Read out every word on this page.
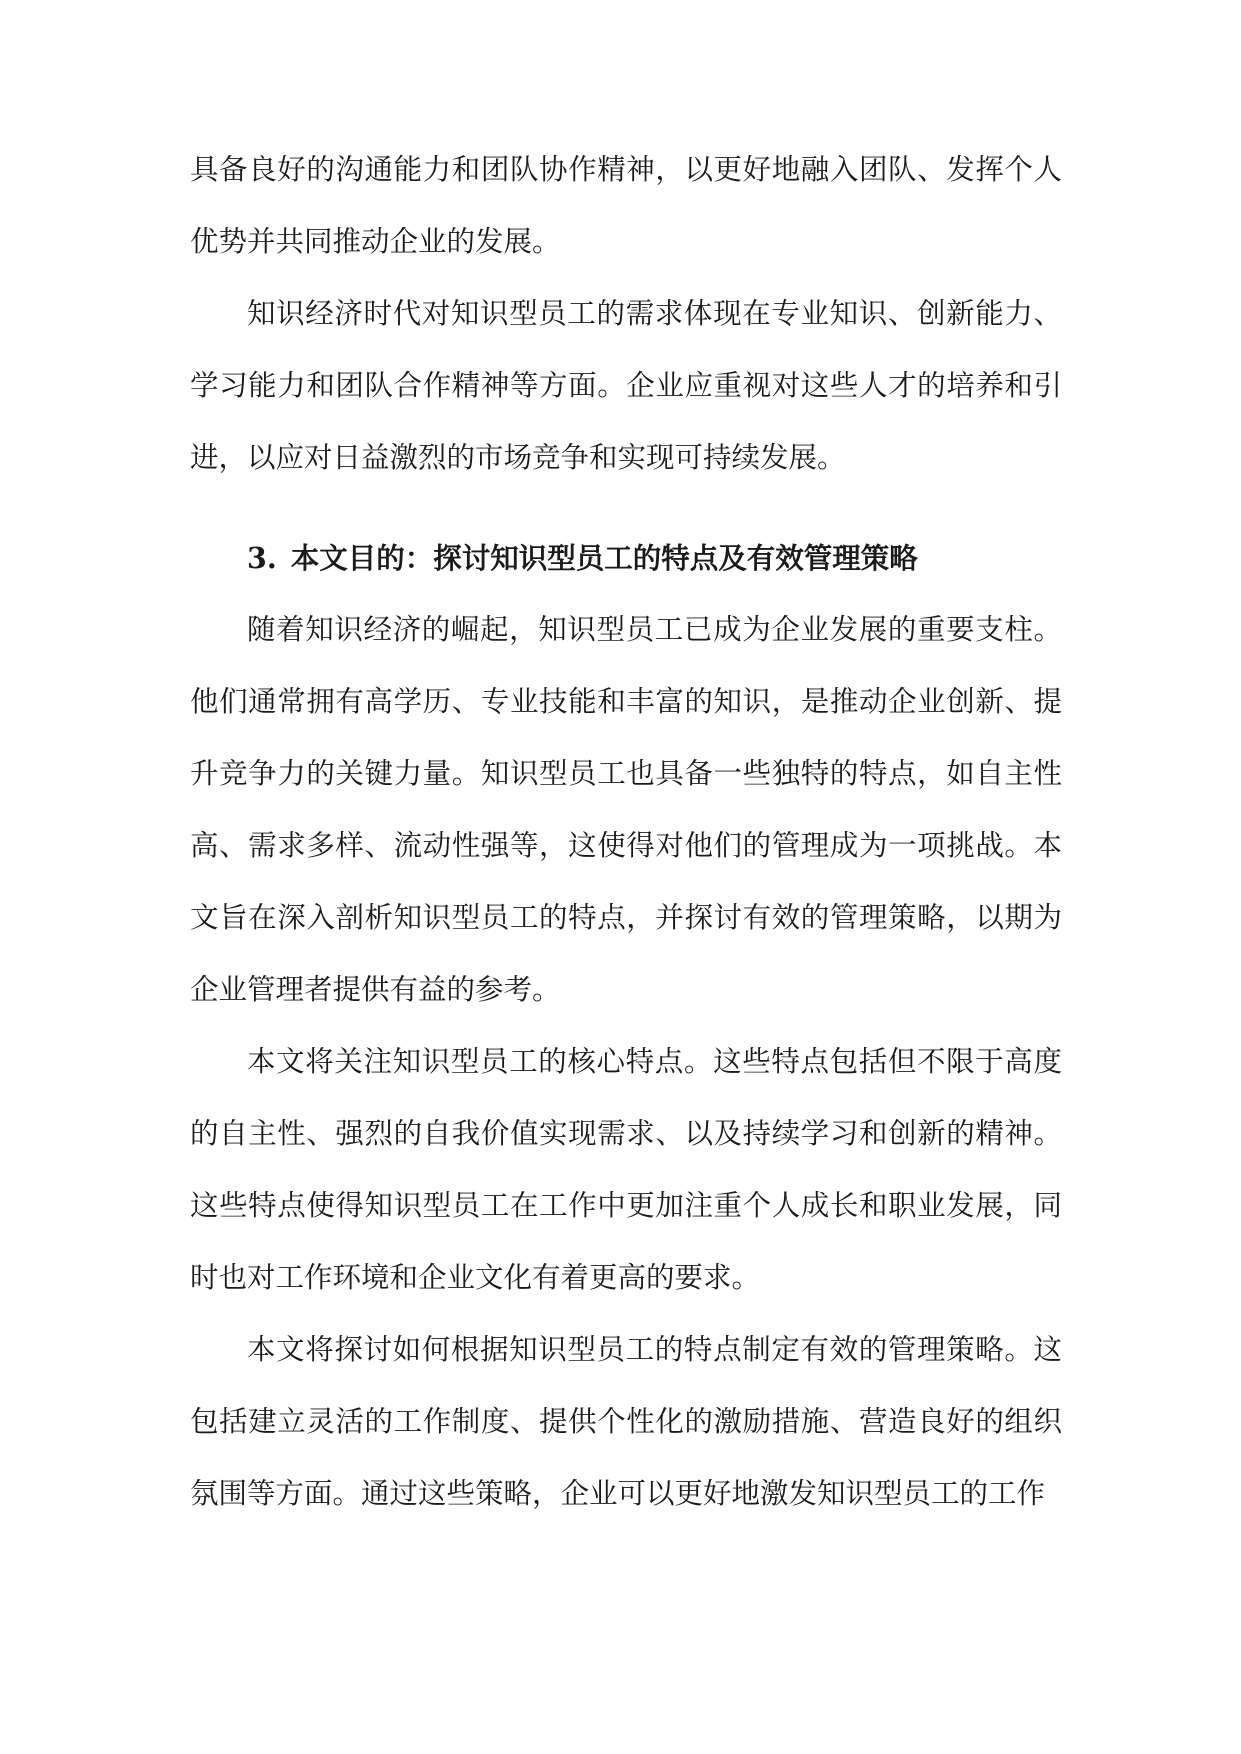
具备良好的沟通能力和团队协作精神，以更好地融入团队、发挥个人优势并共同推动企业的发展。

知识经济时代对知识型员工的需求体现在专业知识、创新能力、学习能力和团队合作精神等方面。企业应重视对这些人才的培养和引进，以应对日益激烈的市场竞争和实现可持续发展。

3. 本文目的：探讨知识型员工的特点及有效管理策略

随着知识经济的崛起，知识型员工已成为企业发展的重要支柱。他们通常拥有高学历、专业技能和丰富的知识，是推动企业创新、提升竞争力的关键力量。知识型员工也具备一些独特的特点，如自主性高、需求多样、流动性强等，这使得对他们的管理成为一项挑战。本文旨在深入剖析知识型员工的特点，并探讨有效的管理策略，以期为企业管理者提供有益的参考。

本文将关注知识型员工的核心特点。这些特点包括但不限于高度的自主性、强烈的自我价值实现需求、以及持续学习和创新的精神。这些特点使得知识型员工在工作中更加注重个人成长和职业发展，同时也对工作环境和企业文化有着更高的要求。

本文将探讨如何根据知识型员工的特点制定有效的管理策略。这包括建立灵活的工作制度、提供个性化的激励措施、营造良好的组织氛围等方面。通过这些策略，企业可以更好地激发知识型员工的工作
